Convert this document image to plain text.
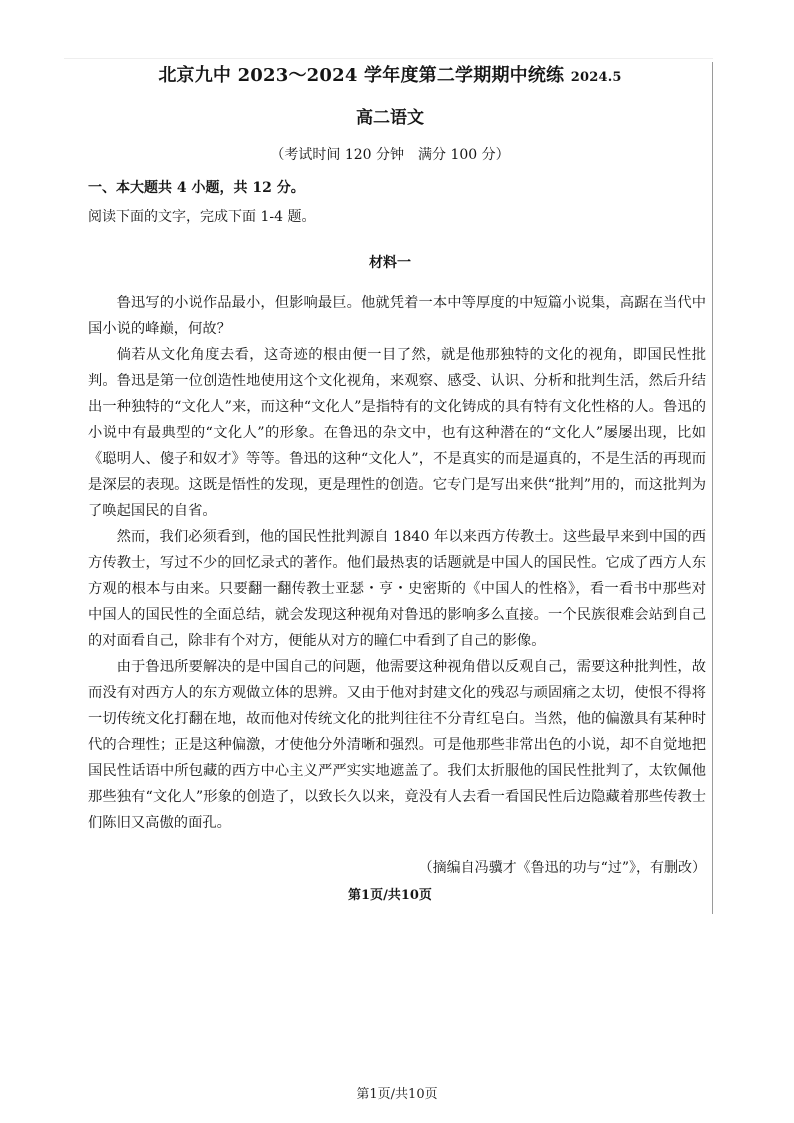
北京九中 2023～2024 学年度第二学期期中统练 2024.5
高二语文
（考试时间 120 分钟　满分 100 分）
一、本大题共 4 小题，共 12 分。
阅读下面的文字，完成下面 1-4 题。
材料一

鲁迅写的小说作品最小，但影响最巨。他就凭着一本中等厚度的中短篇小说集，高踞在当代中国小说的峰巅，何故？

倘若从文化角度去看，这奇迹的根由便一目了然，就是他那独特的文化的视角，即国民性批判。鲁迅是第一位创造性地使用这个文化视角，来观察、感受、认识、分析和批判生活，然后升结出一种独特的“文化人”来，而这种“文化人”是指特有的文化铸成的具有特有文化性格的人。鲁迅的小说中有最典型的“文化人”的形象。在鲁迅的杂文中，也有这种潜在的“文化人”屡屡出现，比如《聪明人、傻子和奴才》等等。鲁迅的这种“文化人”，不是真实的而是逼真的，不是生活的再现而是深层的表现。这既是悟性的发现，更是理性的创造。它专门是写出来供“批判”用的，而这批判为了唤起国民的自省。

然而，我们必须看到，他的国民性批判源自 1840 年以来西方传教士。这些最早来到中国的西方传教士，写过不少的回忆录式的著作。他们最热衷的话题就是中国人的国民性。它成了西方人东方观的根本与由来。只要翻一翻传教士亚瑟・亨・史密斯的《中国人的性格》，看一看书中那些对中国人的国民性的全面总结，就会发现这种视角对鲁迅的影响多么直接。一个民族很难会站到自己的对面看自己，除非有个对方，便能从对方的瞳仁中看到了自己的影像。

由于鲁迅所要解决的是中国自己的问题，他需要这种视角借以反观自己，需要这种批判性，故而没有对西方人的东方观做立体的思辨。又由于他对封建文化的残忍与顽固痛之太切，使恨不得将一切传统文化打翻在地，故而他对传统文化的批判往往不分青红皂白。当然，他的偏激具有某种时代的合理性；正是这种偏激，才使他分外清晰和强烈。可是他那些非常出色的小说，却不自觉地把国民性话语中所包藏的西方中心主义严严实实地遮盖了。我们太折服他的国民性批判了，太钦佩他那些独有“文化人”形象的创造了，以致长久以来，竟没有人去看一看国民性后边隐藏着那些传教士们陈旧又高傲的面孔。

（摘编自冯骥才《鲁迅的功与“过”》，有删改）
第1页/共10页
第1页/共10页
